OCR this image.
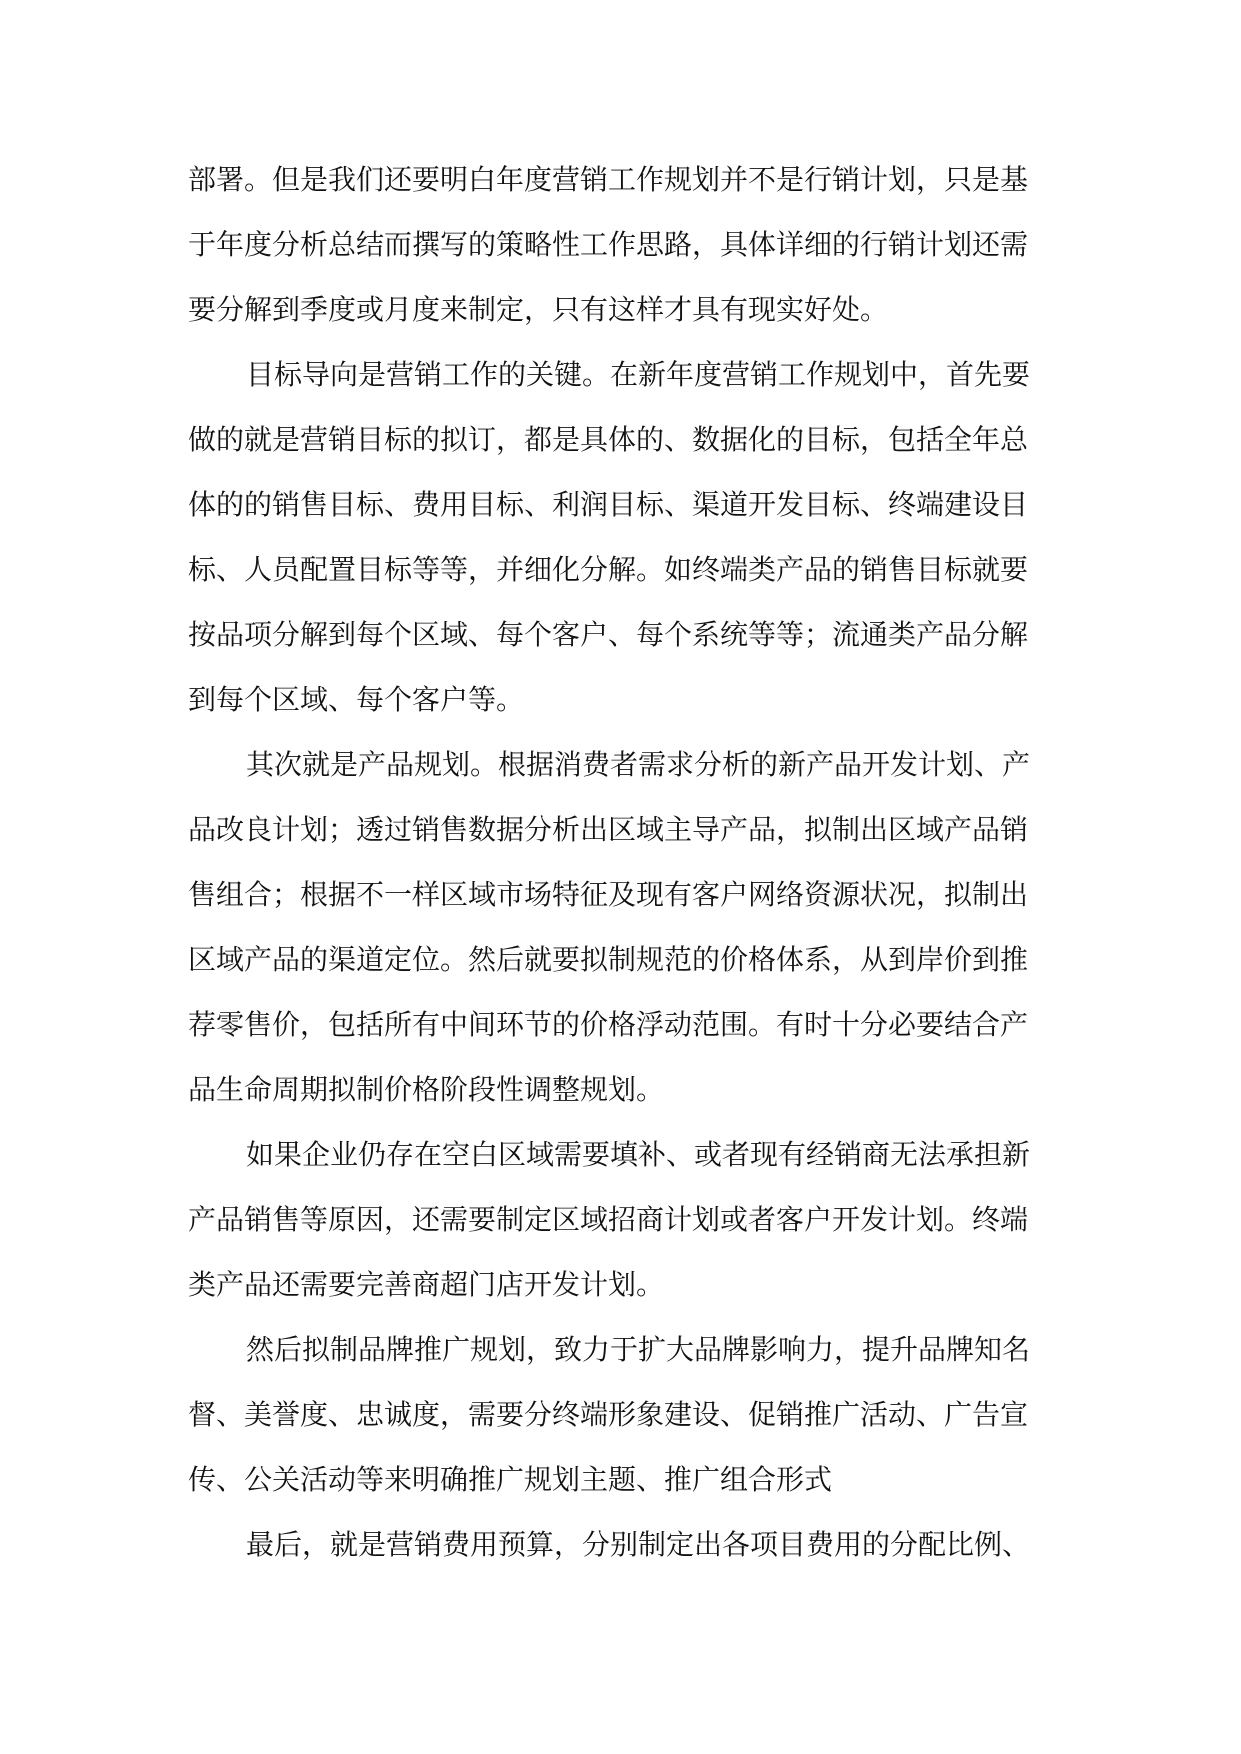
部署。但是我们还要明白年度营销工作规划并不是行销计划，只是基
于年度分析总结而撰写的策略性工作思路，具体详细的行销计划还需
要分解到季度或月度来制定，只有这样才具有现实好处。
目标导向是营销工作的关键。在新年度营销工作规划中，首先要
做的就是营销目标的拟订，都是具体的、数据化的目标，包括全年总
体的的销售目标、费用目标、利润目标、渠道开发目标、终端建设目
标、人员配置目标等等，并细化分解。如终端类产品的销售目标就要
按品项分解到每个区域、每个客户、每个系统等等；流通类产品分解
到每个区域、每个客户等。
其次就是产品规划。根据消费者需求分析的新产品开发计划、产
品改良计划；透过销售数据分析出区域主导产品，拟制出区域产品销
售组合；根据不一样区域市场特征及现有客户网络资源状况，拟制出
区域产品的渠道定位。然后就要拟制规范的价格体系，从到岸价到推
荐零售价，包括所有中间环节的价格浮动范围。有时十分必要结合产
品生命周期拟制价格阶段性调整规划。
如果企业仍存在空白区域需要填补、或者现有经销商无法承担新
产品销售等原因，还需要制定区域招商计划或者客户开发计划。终端
类产品还需要完善商超门店开发计划。
然后拟制品牌推广规划，致力于扩大品牌影响力，提升品牌知名
督、美誉度、忠诚度，需要分终端形象建设、促销推广活动、广告宣
传、公关活动等来明确推广规划主题、推广组合形式
最后，就是营销费用预算，分别制定出各项目费用的分配比例、
